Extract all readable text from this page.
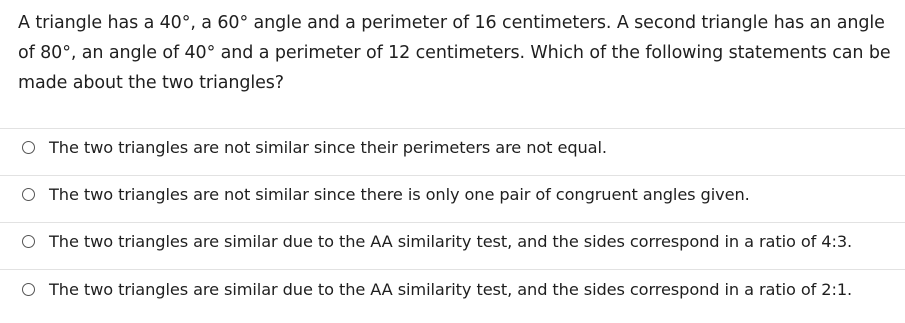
A triangle has a 40°, a 60° angle and a perimeter of 16 centimeters. A second triangle has an angle of 80°, an angle of 40° and a perimeter of 12 centimeters. Which of the following statements can be made about the two triangles?
The two triangles are not similar since their perimeters are not equal.
The two triangles are not similar since there is only one pair of congruent angles given.
The two triangles are similar due to the AA similarity test, and the sides correspond in a ratio of 4:3.
The two triangles are similar due to the AA similarity test, and the sides correspond in a ratio of 2:1.
